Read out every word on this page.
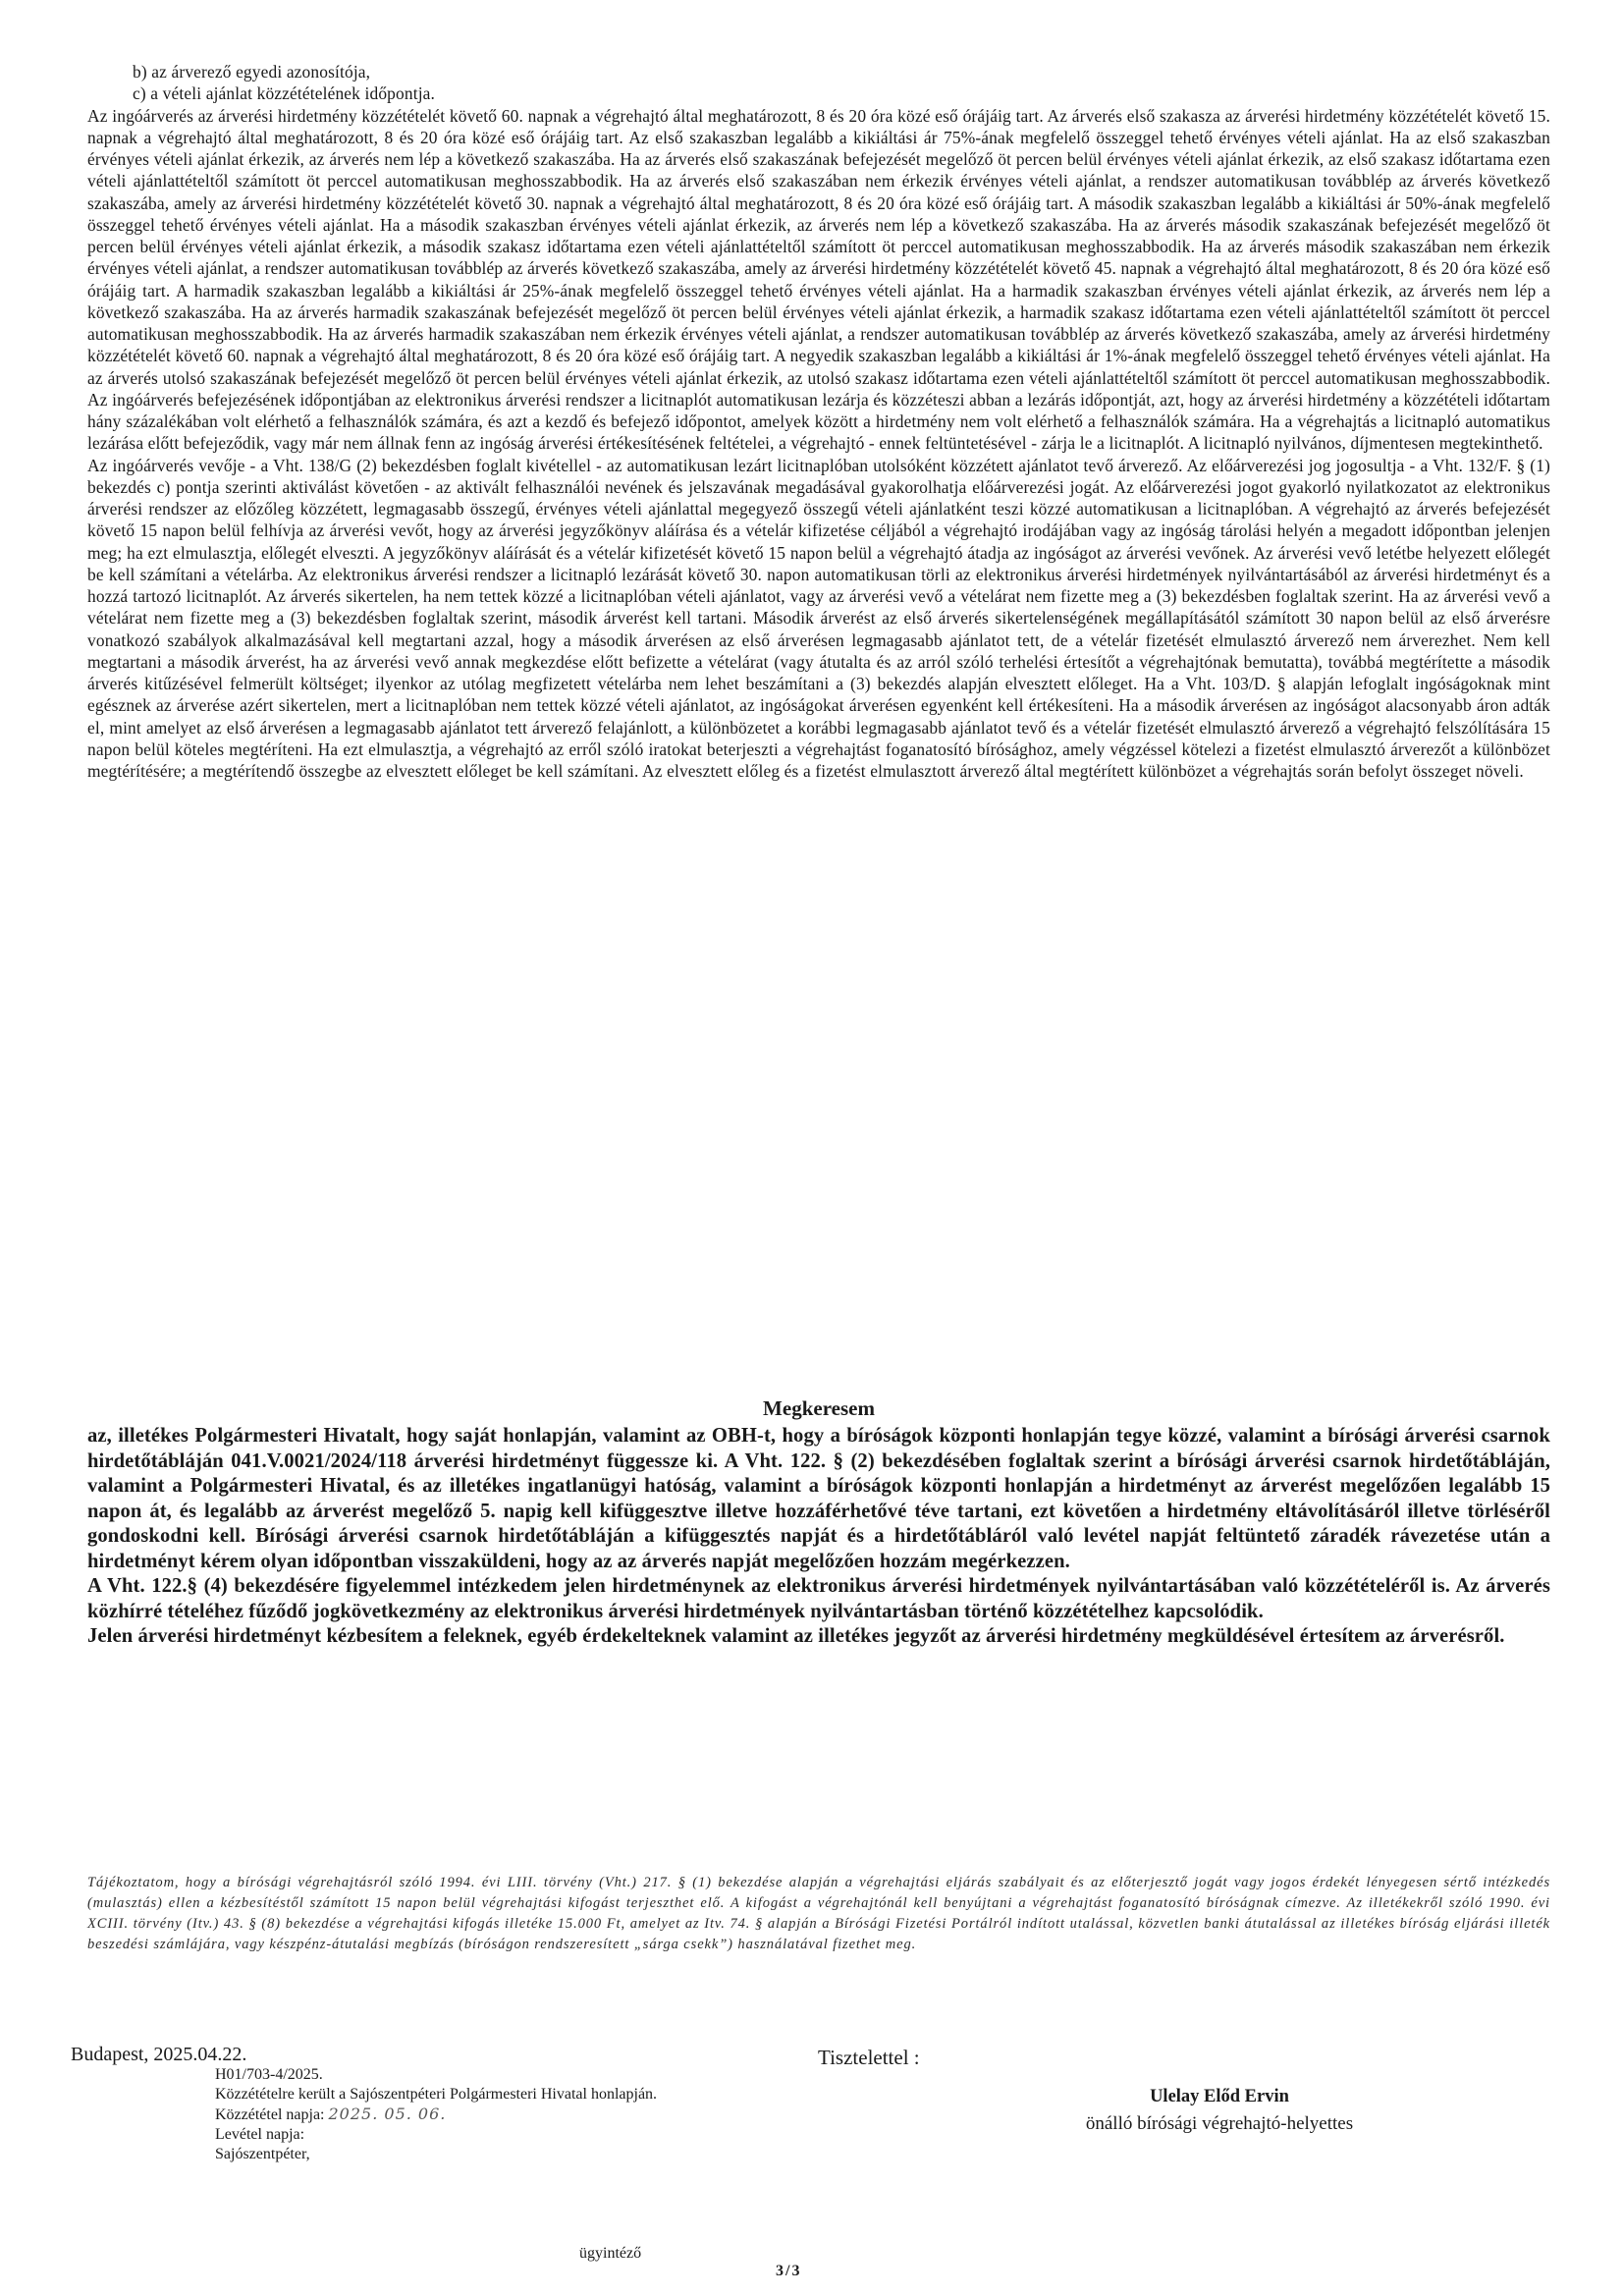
b) az árverező egyedi azonosítója,

c) a vételi ajánlat közzétételének időpontja.

Az ingóárverés az árverési hirdetmény közzétételét követő 60. napnak a végrehajtó által meghatározott, 8 és 20 óra közé eső órájáig tart. Az árverés első szakasza az árverési hirdetmény közzétételét követő 15. napnak a végrehajtó által meghatározott, 8 és 20 óra közé eső órájáig tart. Az első szakaszban legalább a kikiáltási ár 75%-ának megfelelő összeggel tehető érvényes vételi ajánlat. Ha az első szakaszban érvényes vételi ajánlat érkezik, az árverés nem lép a következő szakaszába. Ha az árverés első szakaszának befejezését megelőző öt percen belül érvényes vételi ajánlat érkezik, az első szakasz időtartama ezen vételi ajánlattételtől számított öt perccel automatikusan meghosszabbodik. Ha az árverés első szakaszában nem érkezik érvényes vételi ajánlat, a rendszer automatikusan továbblép az árverés következő szakaszába, amely az árverési hirdetmény közzétételét követő 30. napnak a végrehajtó által meghatározott, 8 és 20 óra közé eső órájáig tart. A második szakaszban legalább a kikiáltási ár 50%-ának megfelelő összeggel tehető érvényes vételi ajánlat. Ha a második szakaszban érvényes vételi ajánlat érkezik, az árverés nem lép a következő szakaszába. Ha az árverés második szakaszának befejezését megelőző öt percen belül érvényes vételi ajánlat érkezik, a második szakasz időtartama ezen vételi ajánlattételtől számított öt perccel automatikusan meghosszabbodik. Ha az árverés második szakaszában nem érkezik érvényes vételi ajánlat, a rendszer automatikusan továbblép az árverés következő szakaszába, amely az árverési hirdetmény közzétételét követő 45. napnak a végrehajtó által meghatározott, 8 és 20 óra közé eső órájáig tart. A harmadik szakaszban legalább a kikiáltási ár 25%-ának megfelelő összeggel tehető érvényes vételi ajánlat. Ha a harmadik szakaszban érvényes vételi ajánlat érkezik, az árverés nem lép a következő szakaszába. Ha az árverés harmadik szakaszának befejezését megelőző öt percen belül érvényes vételi ajánlat érkezik, a harmadik szakasz időtartama ezen vételi ajánlattételtől számított öt perccel automatikusan meghosszabbodik. Ha az árverés harmadik szakaszában nem érkezik érvényes vételi ajánlat, a rendszer automatikusan továbblép az árverés következő szakaszába, amely az árverési hirdetmény közzétételét követő 60. napnak a végrehajtó által meghatározott, 8 és 20 óra közé eső órájáig tart. A negyedik szakaszban legalább a kikiáltási ár 1%-ának megfelelő összeggel tehető érvényes vételi ajánlat. Ha az árverés utolsó szakaszának befejezését megelőző öt percen belül érvényes vételi ajánlat érkezik, az utolsó szakasz időtartama ezen vételi ajánlattételtől számított öt perccel automatikusan meghosszabbodik. Az ingóárverés befejezésének időpontjában az elektronikus árverési rendszer a licitnaplót automatikusan lezárja és közzéteszi abban a lezárás időpontját, azt, hogy az árverési hirdetmény a közzétételi időtartam hány százalékában volt elérhető a felhasználók számára, és azt a kezdő és befejező időpontot, amelyek között a hirdetmény nem volt elérhető a felhasználók számára. Ha a végrehajtás a licitnapló automatikus lezárása előtt befejeződik, vagy már nem állnak fenn az ingóság árverési értékesítésének feltételei, a végrehajtó - ennek feltüntetésével - zárja le a licitnaplót. A licitnapló nyilvános, díjmentesen megtekinthető.

Az ingóárverés vevője - a Vht. 138/G (2) bekezdésben foglalt kivétellel - az automatikusan lezárt licitnaplóban utolsóként közzétett ajánlatot tevő árverező. Az előárverezési jog jogosultja - a Vht. 132/F. § (1) bekezdés c) pontja szerinti aktiválást követően - az aktivált felhasználói nevének és jelszavának megadásával gyakorolhatja előárverezési jogát. Az előárverezési jogot gyakorló nyilatkozatot az elektronikus árverési rendszer az előzőleg közzétett, legmagasabb összegű, érvényes vételi ajánlattal megegyező összegű vételi ajánlatként teszi közzé automatikusan a licitnaplóban. A végrehajtó az árverés befejezését követő 15 napon belül felhívja az árverési vevőt, hogy az árverési jegyzőkönyv aláírása és a vételár kifizetése céljából a végrehajtó irodájában vagy az ingóság tárolási helyén a megadott időpontban jelenjen meg; ha ezt elmulasztja, előlegét elveszti. A jegyzőkönyv aláírását és a vételár kifizetését követő 15 napon belül a végrehajtó átadja az ingóságot az árverési vevőnek. Az árverési vevő letétbe helyezett előlegét be kell számítani a vételárba. Az elektronikus árverési rendszer a licitnapló lezárását követő 30. napon automatikusan törli az elektronikus árverési hirdetmények nyilvántartásából az árverési hirdetményt és a hozzá tartozó licitnaplót. Az árverés sikertelen, ha nem tettek közzé a licitnaplóban vételi ajánlatot, vagy az árverési vevő a vételárat nem fizette meg a (3) bekezdésben foglaltak szerint. Ha az árverési vevő a vételárat nem fizette meg a (3) bekezdésben foglaltak szerint, második árverést kell tartani. Második árverést az első árverés sikertelenségének megállapításától számított 30 napon belül az első árverésre vonatkozó szabályok alkalmazásával kell megtartani azzal, hogy a második árverésen az első árverésen legmagasabb ajánlatot tett, de a vételár fizetését elmulasztó árverező nem árverezhet. Nem kell megtartani a második árverést, ha az árverési vevő annak megkezdése előtt befizette a vételárat (vagy átutalta és az arról szóló terhelési értesítőt a végrehajtónak bemutatta), továbbá megtérítette a második árverés kitűzésével felmerült költséget; ilyenkor az utólag megfizetett vételárba nem lehet beszámítani a (3) bekezdés alapján elvesztett előleget. Ha a Vht. 103/D. § alapján lefoglalt ingóságoknak mint egésznek az árverése azért sikertelen, mert a licitnaplóban nem tettek közzé vételi ajánlatot, az ingóságokat árverésen egyenként kell értékesíteni. Ha a második árverésen az ingóságot alacsonyabb áron adták el, mint amelyet az első árverésen a legmagasabb ajánlatot tett árverező felajánlott, a különbözetet a korábbi legmagasabb ajánlatot tevő és a vételár fizetését elmulasztó árverező a végrehajtó felszólítására 15 napon belül köteles megtéríteni. Ha ezt elmulasztja, a végrehajtó az erről szóló iratokat beterjeszti a végrehajtást foganatosító bírósághoz, amely végzéssel kötelezi a fizetést elmulasztó árverezőt a különbözet megtérítésére; a megtérítendő összegbe az elvesztett előleget be kell számítani. Az elvesztett előleg és a fizetést elmulasztott árverező által megtérített különbözet a végrehajtás során befolyt összeget növeli.

Megkeresem

az, illetékes Polgármesteri Hivatalt, hogy saját honlapján, valamint az OBH-t, hogy a bíróságok központi honlapján tegye közzé, valamint a bírósági árverési csarnok hirdetőtábláján 041.V.0021/2024/118 árverési hirdetményt függessze ki. A Vht. 122. § (2) bekezdésében foglaltak szerint a bírósági árverési csarnok hirdetőtábláján, valamint a Polgármesteri Hivatal, és az illetékes ingatlanügyi hatóság, valamint a bíróságok központi honlapján a hirdetményt az árverést megelőzően legalább 15 napon át, és legalább az árverést megelőző 5. napig kell kifüggesztve illetve hozzáférhetővé téve tartani, ezt követően a hirdetmény eltávolításáról illetve törléséről gondoskodni kell. Bírósági árverési csarnok hirdetőtábláján a kifüggesztés napját és a hirdetőtábláról való levétel napját feltüntető záradék rávezetése után a hirdetményt kérem olyan időpontban visszaküldeni, hogy az az árverés napját megelőzően hozzám megérkezzen.

A Vht. 122.§ (4) bekezdésére figyelemmel intézkedem jelen hirdetménynek az elektronikus árverési hirdetmények nyilvántartásában való közzétételéről is. Az árverés közhírré tételéhez fűződő jogkövetkezmény az elektronikus árverési hirdetmények nyilvántartásban történő közzétételhez kapcsolódik.

Jelen árverési hirdetményt kézbesítem a feleknek, egyéb érdekelteknek valamint az illetékes jegyzőt az árverési hirdetmény megküldésével értesítem az árverésről.

Tájékoztatom, hogy a bírósági végrehajtásról szóló 1994. évi LIII. törvény (Vht.) 217. § (1) bekezdése alapján a végrehajtási eljárás szabályait és az előterjesztő jogát vagy jogos érdekét lényegesen sértő intézkedés (mulasztás) ellen a kézbesítéstől számított 15 napon belül végrehajtási kifogást terjeszthet elő. A kifogást a végrehajtónál kell benyújtani a végrehajtást foganatosító bíróságnak címezve. Az illetékekről szóló 1990. évi XCIII. törvény (Itv.) 43. § (8) bekezdése a végrehajtási kifogás illetéke 15.000 Ft, amelyet az Itv. 74. § alapján a Bírósági Fizetési Portálról indított utalással, közvetlen banki átutalással az illetékes bíróság eljárási illeték beszedési számlájára, vagy készpénz-átutalási megbízás (bíróságon rendszeresített „sárga csekk”) használatával fizethet meg.

Budapest, 2025.04.22.
H01/703-4/2025.
Közzétételre került a Sajószentpéteri Polgármesteri Hivatal honlapján.
Közzététel napja: 2025. 05. 06.
Levétel napja:
Sajószentpéter,
Tisztelettel :
Ulelay Előd Ervin
önálló bírósági végrehajtó-helyettes
ügyintéző
3/3
